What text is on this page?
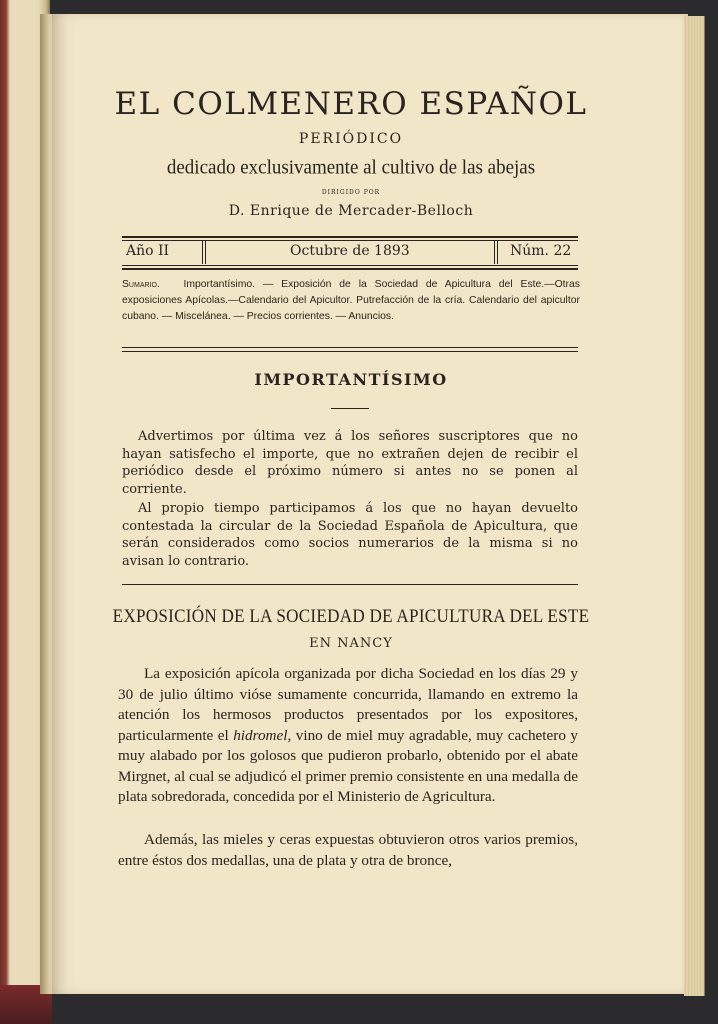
EL COLMENERO ESPAÑOL
PERIÓDICO
dedicado exclusivamente al cultivo de las abejas
DIRIGIDO POR
D. Enrique de Mercader-Belloch
Año II	Octubre de 1893	Núm. 22
Sumario. Importantísimo. — Exposición de la Sociedad de Apicultura del Este.—Otras exposiciones Apícolas.—Calendario del Apicultor. Putrefacción de la cría. Calendario del apicultor cubano. — Miscelánea. — Precios corrientes. — Anuncios.
IMPORTANTÍSIMO
Advertimos por última vez á los señores suscriptores que no hayan satisfecho el importe, que no extrañen dejen de recibir el periódico desde el próximo número si antes no se ponen al corriente.
Al propio tiempo participamos á los que no hayan devuelto contestada la circular de la Sociedad Española de Apicultura, que serán considerados como socios numerarios de la misma si no avisan lo contrario.
EXPOSICIÓN DE LA SOCIEDAD DE APICULTURA DEL ESTE
EN NANCY
La exposición apícola organizada por dicha Sociedad en los días 29 y 30 de julio último vióse sumamente concurrida, llamando en extremo la atención los hermosos productos presentados por los expositores, particularmente el hidromel, vino de miel muy agradable, muy cachetero y muy alabado por los golosos que pudieron probarlo, obtenido por el abate Mirgnet, al cual se adjudicó el primer premio consistente en una medalla de plata sobredorada, concedida por el Ministerio de Agricultura.
Además, las mieles y ceras expuestas obtuvieron otros varios premios, entre éstos dos medallas, una de plata y otra de bronce,
